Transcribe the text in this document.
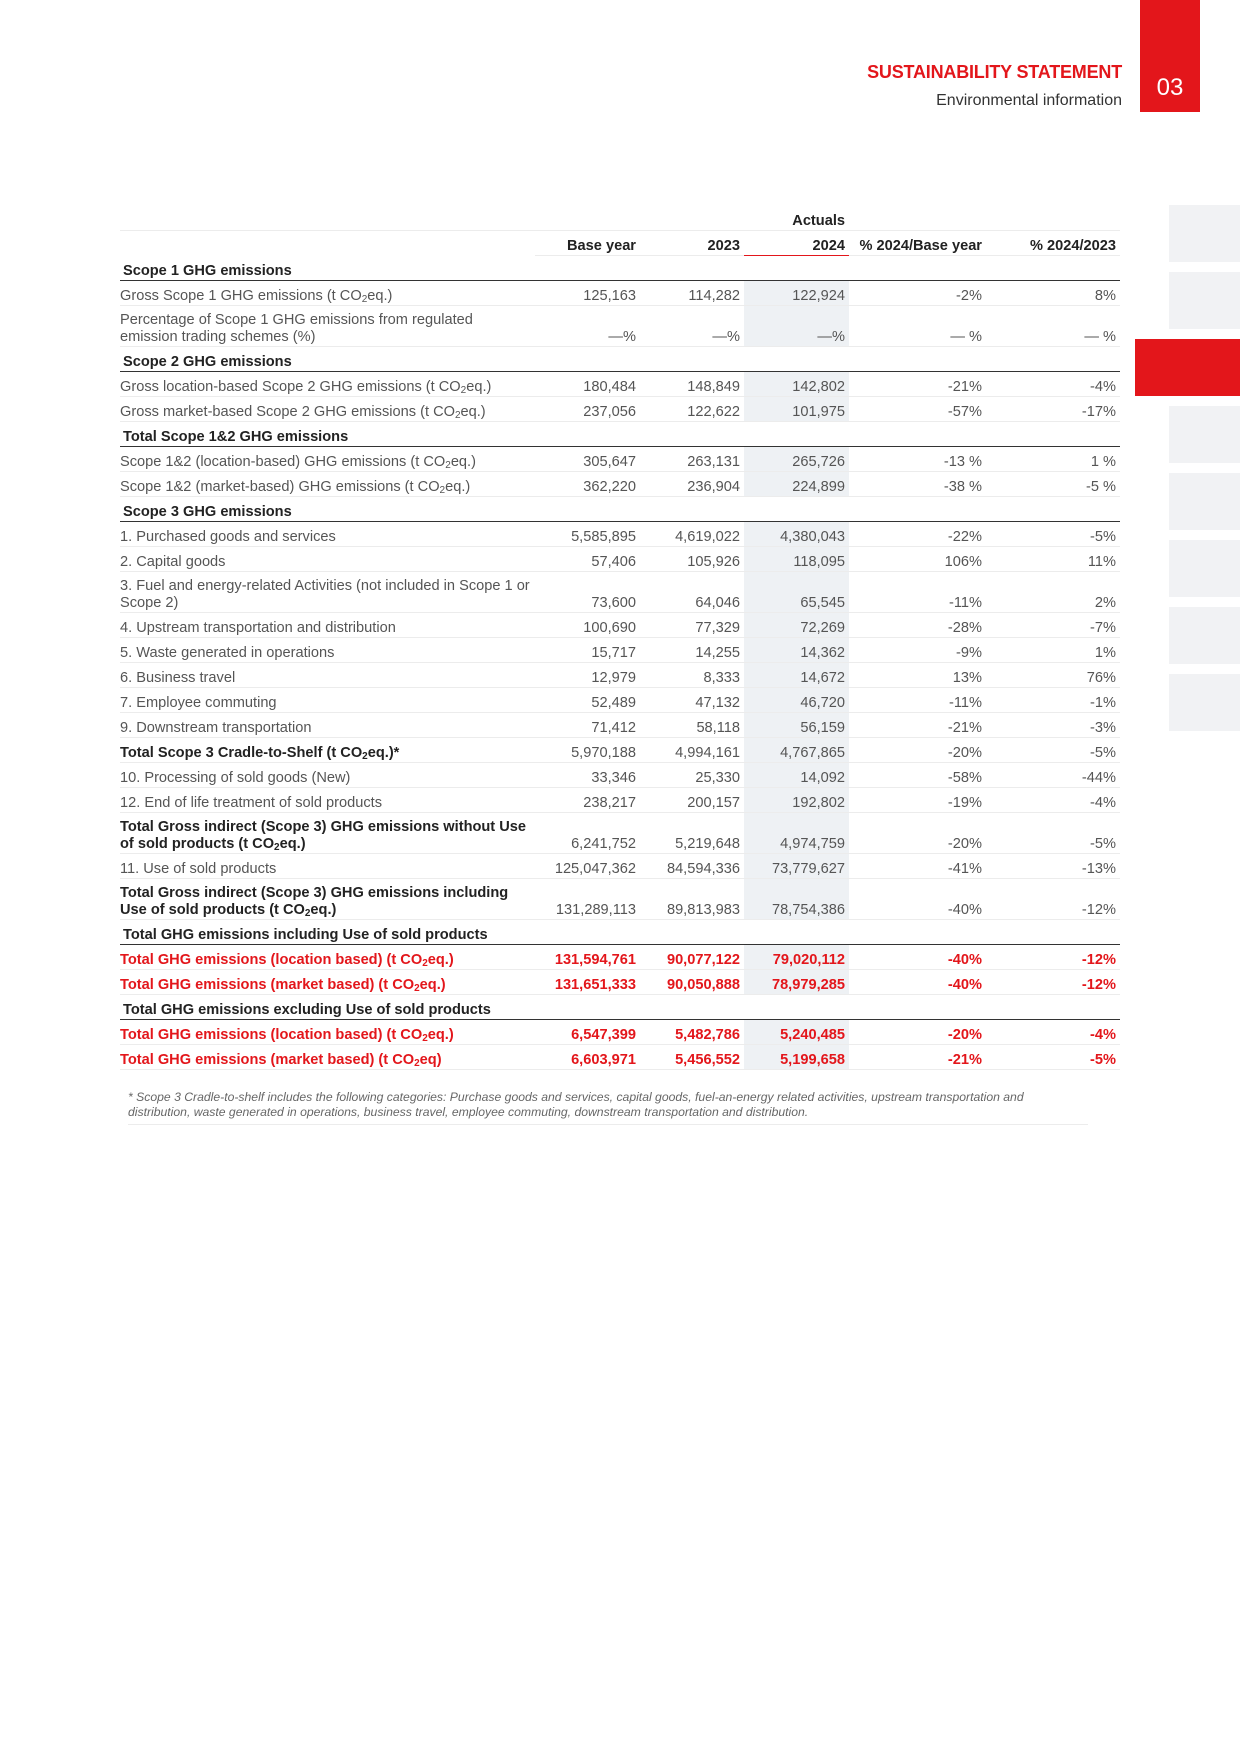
SUSTAINABILITY STATEMENT
Environmental information	03
			Actuals		
	Base year	2023	2024	% 2024/Base year	% 2024/2023
Scope 1 GHG emissions					
Gross Scope 1 GHG emissions (t $CO_2eq$.)	125,163	114,282	122,924	-2%	8%
Percentage of Scope 1 GHG emissions from regulated emission trading schemes (%)	—%	—%	—%	— %	— %
Scope 2 GHG emissions					
Gross location-based Scope 2 GHG emissions (t $CO_2eq$.)	180,484	148,849	142,802	-21%	-4%
Gross market-based Scope 2 GHG emissions (t $CO_2eq$.)	237,056	122,622	101,975	-57%	-17%
Total Scope 1&2 GHG emissions					
Scope 1&2 (location-based) GHG emissions (t $CO_2eq$.)	305,647	263,131	265,726	-13 %	1 %
Scope 1&2 (market-based) GHG emissions (t $CO_2eq$.)	362,220	236,904	224,899	-38 %	-5 %
Scope 3 GHG emissions					
1. Purchased goods and services	5,585,895	4,619,022	4,380,043	-22%	-5%
2. Capital goods	57,406	105,926	118,095	106%	11%
3. Fuel and energy-related Activities (not included in Scope 1 or Scope 2)	73,600	64,046	65,545	-11%	2%
4. Upstream transportation and distribution	100,690	77,329	72,269	-28%	-7%
5. Waste generated in operations	15,717	14,255	14,362	-9%	1%
6. Business travel	12,979	8,333	14,672	13%	76%
7. Employee commuting	52,489	47,132	46,720	-11%	-1%
9. Downstream transportation	71,412	58,118	56,159	-21%	-3%
Total Scope 3 Cradle-to-Shelf (t $CO_2eq.)*$	5,970,188	4,994,161	4,767,865	-20%	-5%
10. Processing of sold goods (New)	33,346	25,330	14,092	-58%	-44%
12. End of life treatment of sold products	238,217	200,157	192,802	-19%	-4%
Total Gross indirect (Scope 3) GHG emissions without Use of sold products (t $CO_2eq$.)	6,241,752	5,219,648	4,974,759	-20%	-5%
11. Use of sold products	125,047,362	84,594,336	73,779,627	-41%	-13%
Total Gross indirect (Scope 3) GHG emissions including Use of sold products (t $CO_2eq$.)	131,289,113	89,813,983	78,754,386	-40%	-12%
Total GHG emissions including Use of sold products					
Total GHG emissions (location based) (t $CO_2eq$.)	131,594,761	90,077,122	79,020,112	-40%	-12%
Total GHG emissions (market based) (t $CO_2eq$.)	131,651,333	90,050,888	78,979,285	-40%	-12%
Total GHG emissions excluding Use of sold products					
Total GHG emissions (location based) (t $CO_2eq$.)	6,547,399	5,482,786	5,240,485	-20%	-4%
Total GHG emissions (market based) (t $CO_2eq$)	6,603,971	5,456,552	5,199,658	-21%	-5%
* Scope 3 Cradle-to-shelf includes the following categories: Purchase goods and services, capital goods, fuel-an-energy related activities, upstream transportation and distribution, waste generated in operations, business travel, employee commuting, downstream transportation and distribution.
